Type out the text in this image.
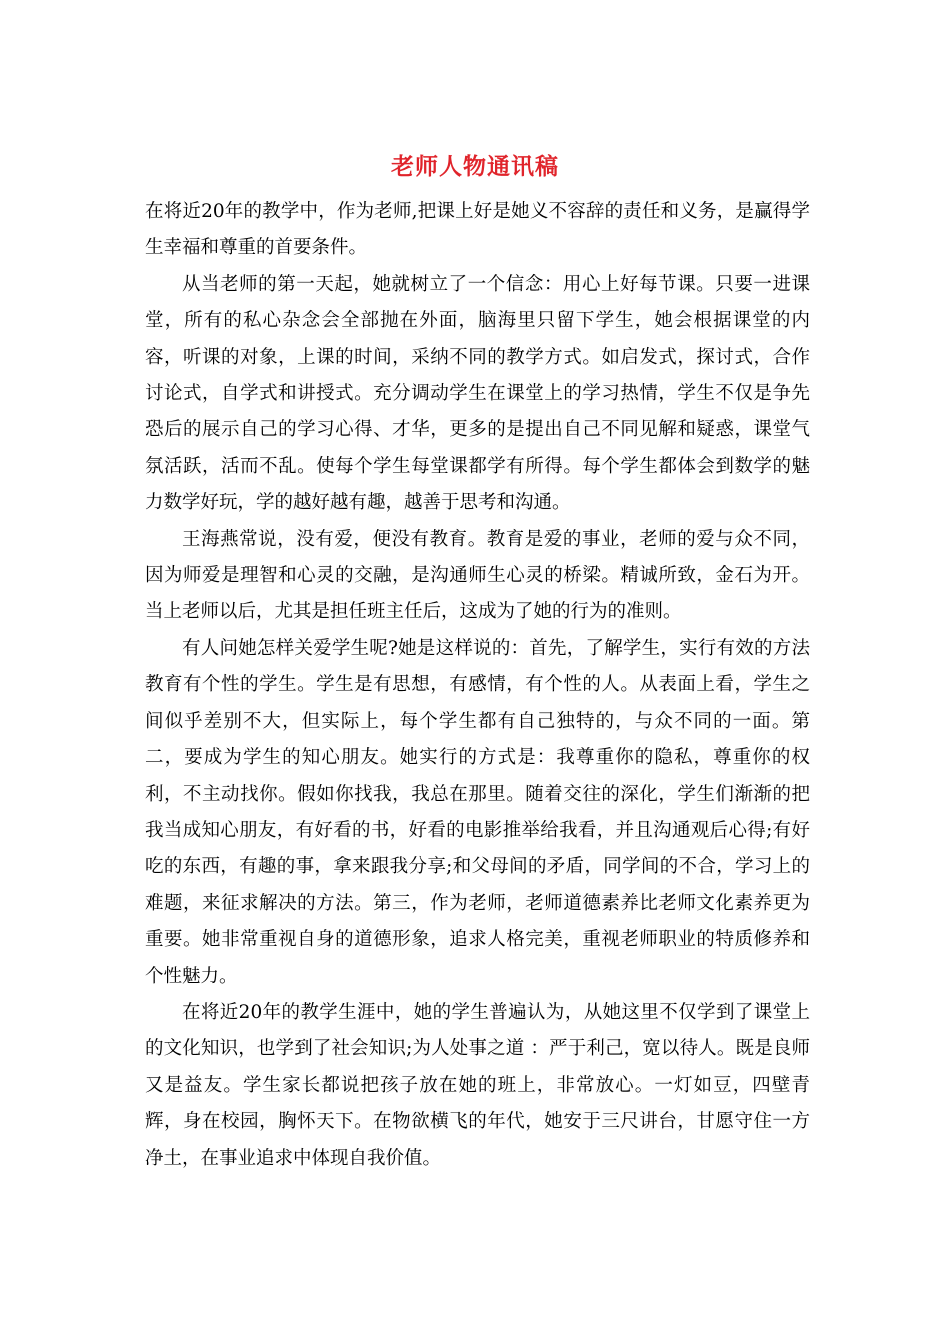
老师人物通讯稿

在将近20年的教学中，作为老师,把课上好是她义不容辞的责任和义务，是赢得学生幸福和尊重的首要条件。

从当老师的第一天起，她就树立了一个信念：用心上好每节课。只要一进课堂，所有的私心杂念会全部抛在外面，脑海里只留下学生，她会根据课堂的内容，听课的对象，上课的时间，采纳不同的教学方式。如启发式，探讨式，合作讨论式，自学式和讲授式。充分调动学生在课堂上的学习热情，学生不仅是争先恐后的展示自己的学习心得、才华，更多的是提出自己不同见解和疑惑，课堂气氛活跃，活而不乱。使每个学生每堂课都学有所得。每个学生都体会到数学的魅力数学好玩，学的越好越有趣，越善于思考和沟通。

王海燕常说，没有爱，便没有教育。教育是爱的事业，老师的爱与众不同，因为师爱是理智和心灵的交融，是沟通师生心灵的桥梁。精诚所致，金石为开。当上老师以后，尤其是担任班主任后，这成为了她的行为的准则。

有人问她怎样关爱学生呢?她是这样说的：首先，了解学生，实行有效的方法教育有个性的学生。学生是有思想，有感情，有个性的人。从表面上看，学生之间似乎差别不大，但实际上，每个学生都有自己独特的，与众不同的一面。第二，要成为学生的知心朋友。她实行的方式是：我尊重你的隐私，尊重你的权利，不主动找你。假如你找我，我总在那里。随着交往的深化，学生们渐渐的把我当成知心朋友，有好看的书，好看的电影推举给我看，并且沟通观后心得;有好吃的东西，有趣的事，拿来跟我分享;和父母间的矛盾，同学间的不合，学习上的难题，来征求解决的方法。第三，作为老师，老师道德素养比老师文化素养更为重要。她非常重视自身的道德形象，追求人格完美，重视老师职业的特质修养和个性魅力。

在将近20年的教学生涯中，她的学生普遍认为，从她这里不仅学到了课堂上的文化知识，也学到了社会知识;为人处事之道 ：严于利己，宽以待人。既是良师又是益友。学生家长都说把孩子放在她的班上，非常放心。一灯如豆，四壁青辉，身在校园，胸怀天下。在物欲横飞的年代，她安于三尺讲台，甘愿守住一方净土，在事业追求中体现自我价值。
